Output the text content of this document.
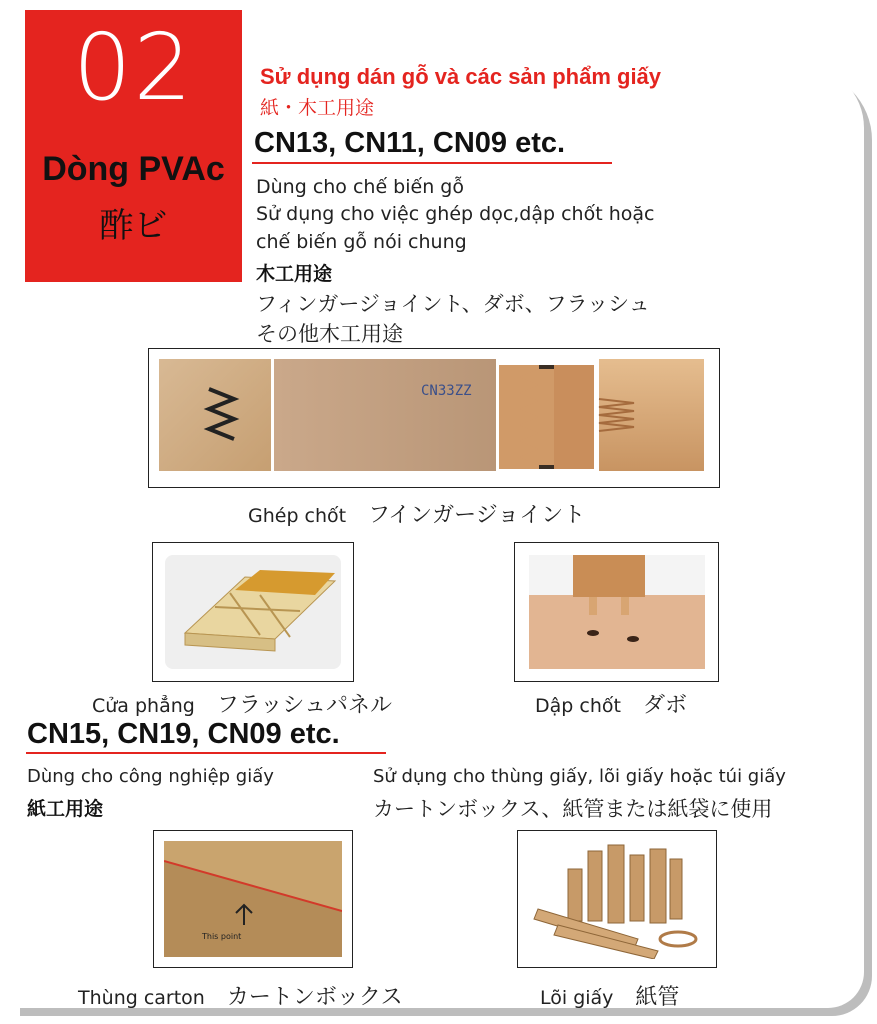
02
Dòng PVAc
酢ビ
Sử dụng dán gỗ và các sản phẩm giấy
紙・木工用途
CN13, CN11, CN09 etc.
Dùng cho chế biến gỗ
Sử dụng cho việc ghép dọc,dập chốt hoặc
chế biến gỗ nói chung
木工用途
フィンガージョイント、ダボ、フラッシュ
その他木工用途
CN33ZZ
Ghép chốt フインガージョイント
Cửa phẳng フラッシュパネル	Dập chốt ダボ
CN15, CN19, CN09 etc.
Dùng cho công nghiệp giấy
紙工用途
Sử dụng cho thùng giấy, lõi giấy hoặc túi giấy
カートンボックス、紙管または紙袋に使用
This point
Thùng carton カートンボックス	Lõi giấy 紙管
